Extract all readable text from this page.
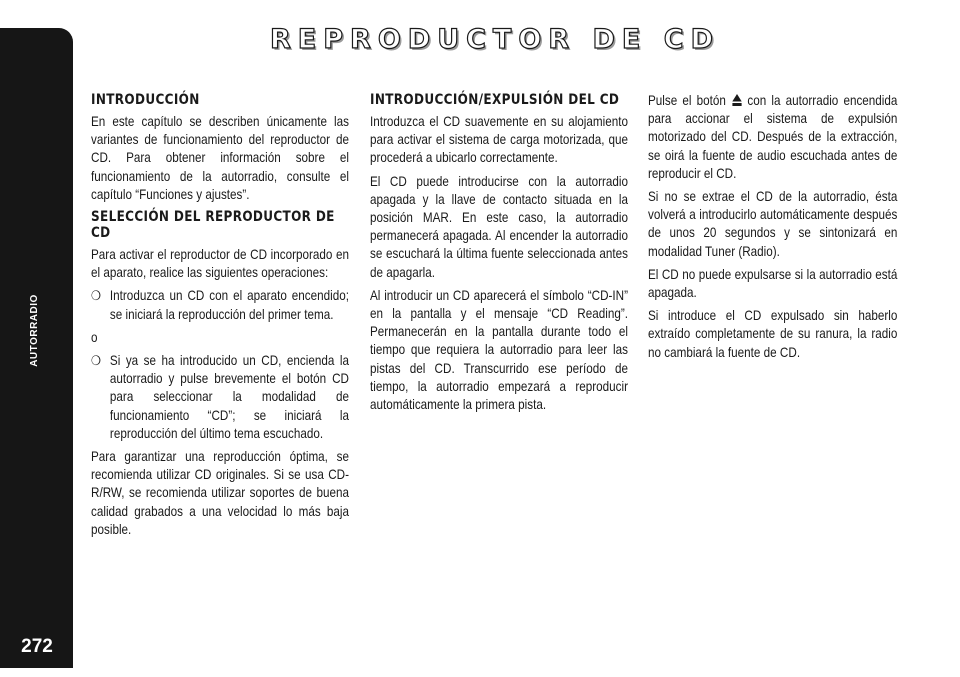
AUTORRADIO
272
REPRODUCTOR DE CD
INTRODUCCIÓN

En este capítulo se describen únicamente las variantes de funcionamiento del reproductor de CD. Para obtener información sobre el funcionamiento de la autorradio, consulte el capítulo “Funciones y ajustes”.

SELECCIÓN DEL REPRODUCTOR DE CD

Para activar el reproductor de CD incorporado en el aparato, realice las siguientes operaciones:

❍ Introduzca un CD con el aparato encendido; se iniciará la reproducción del primer tema.

o

❍ Si ya se ha introducido un CD, encienda la autorradio y pulse brevemente el botón CD para seleccionar la modalidad de funcionamiento “CD”; se iniciará la reproducción del último tema escuchado.

Para garantizar una reproducción óptima, se recomienda utilizar CD originales. Si se usa CD-R/RW, se recomienda utilizar soportes de buena calidad grabados a una velocidad lo más baja posible.

INTRODUCCIÓN/EXPULSIÓN DEL CD

Introduzca el CD suavemente en su alojamiento para activar el sistema de carga motorizada, que procederá a ubicarlo correctamente.

El CD puede introducirse con la autorradio apagada y la llave de contacto situada en la posición MAR. En este caso, la autorradio permanecerá apagada. Al encender la autorradio se escuchará la última fuente seleccionada antes de apagarla.

Al introducir un CD aparecerá el símbolo “CD-IN” en la pantalla y el mensaje “CD Reading”. Permanecerán en la pantalla durante todo el tiempo que requiera la autorradio para leer las pistas del CD. Transcurrido ese período de tiempo, la autorradio empezará a reproducir automáticamente la primera pista.

Pulse el botón con la autorradio encendida para accionar el sistema de expulsión motorizado del CD. Después de la extracción, se oirá la fuente de audio escuchada antes de reproducir el CD.

Si no se extrae el CD de la autorradio, ésta volverá a introducirlo automáticamente después de unos 20 segundos y se sintonizará en modalidad Tuner (Radio).

El CD no puede expulsarse si la autorradio está apagada.

Si introduce el CD expulsado sin haberlo extraído completamente de su ranura, la radio no cambiará la fuente de CD.
